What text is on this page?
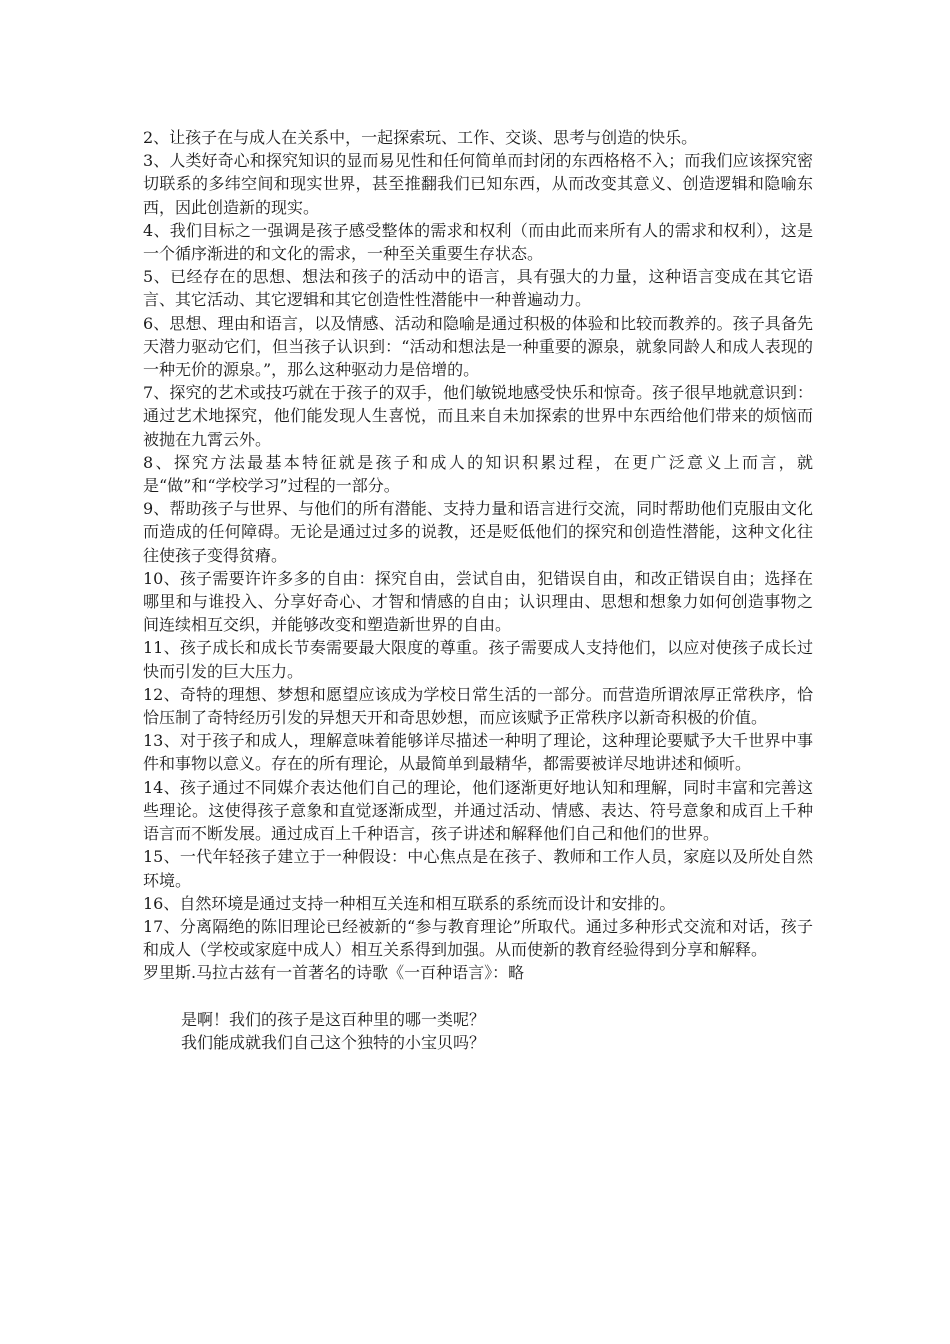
2、让孩子在与成人在关系中，一起探索玩、工作、交谈、思考与创造的快乐。

3、人类好奇心和探究知识的显而易见性和任何简单而封闭的东西格格不入；而我们应该探究密切联系的多纬空间和现实世界，甚至推翻我们已知东西，从而改变其意义、创造逻辑和隐喻东西，因此创造新的现实。

4、我们目标之一强调是孩子感受整体的需求和权利（而由此而来所有人的需求和权利），这是一个循序渐进的和文化的需求，一种至关重要生存状态。

5、已经存在的思想、想法和孩子的活动中的语言，具有强大的力量，这种语言变成在其它语言、其它活动、其它逻辑和其它创造性性潜能中一种普遍动力。

6、思想、理由和语言，以及情感、活动和隐喻是通过积极的体验和比较而教养的。孩子具备先天潜力驱动它们，但当孩子认识到：“活动和想法是一种重要的源泉，就象同龄人和成人表现的一种无价的源泉。”，那么这种驱动力是倍增的。

7、探究的艺术或技巧就在于孩子的双手，他们敏锐地感受快乐和惊奇。孩子很早地就意识到：通过艺术地探究，他们能发现人生喜悦，而且来自未加探索的世界中东西给他们带来的烦恼而被抛在九霄云外。

8、探究方法最基本特征就是孩子和成人的知识积累过程，在更广泛意义上而言，就是“做”和“学校学习”过程的一部分。

9、帮助孩子与世界、与他们的所有潜能、支持力量和语言进行交流，同时帮助他们克服由文化而造成的任何障碍。无论是通过过多的说教，还是贬低他们的探究和创造性潜能，这种文化往往使孩子变得贫瘠。

10、孩子需要许许多多的自由：探究自由，尝试自由，犯错误自由，和改正错误自由；选择在哪里和与谁投入、分享好奇心、才智和情感的自由；认识理由、思想和想象力如何创造事物之间连续相互交织，并能够改变和塑造新世界的自由。

11、孩子成长和成长节奏需要最大限度的尊重。孩子需要成人支持他们，以应对使孩子成长过快而引发的巨大压力。

12、奇特的理想、梦想和愿望应该成为学校日常生活的一部分。而营造所谓浓厚正常秩序，恰恰压制了奇特经历引发的异想天开和奇思妙想，而应该赋予正常秩序以新奇积极的价值。

13、对于孩子和成人，理解意味着能够详尽描述一种明了理论，这种理论要赋予大千世界中事件和事物以意义。存在的所有理论，从最简单到最精华，都需要被详尽地讲述和倾听。

14、孩子通过不同媒介表达他们自己的理论，他们逐渐更好地认知和理解，同时丰富和完善这些理论。这使得孩子意象和直觉逐渐成型，并通过活动、情感、表达、符号意象和成百上千种语言而不断发展。通过成百上千种语言，孩子讲述和解释他们自己和他们的世界。

15、一代年轻孩子建立于一种假设：中心焦点是在孩子、教师和工作人员，家庭以及所处自然环境。

16、自然环境是通过支持一种相互关连和相互联系的系统而设计和安排的。

17、分离隔绝的陈旧理论已经被新的“参与教育理论”所取代。通过多种形式交流和对话，孩子和成人（学校或家庭中成人）相互关系得到加强。从而使新的教育经验得到分享和解释。

罗里斯.马拉古兹有一首著名的诗歌《一百种语言》：略

是啊！我们的孩子是这百种里的哪一类呢？

我们能成就我们自己这个独特的小宝贝吗？
